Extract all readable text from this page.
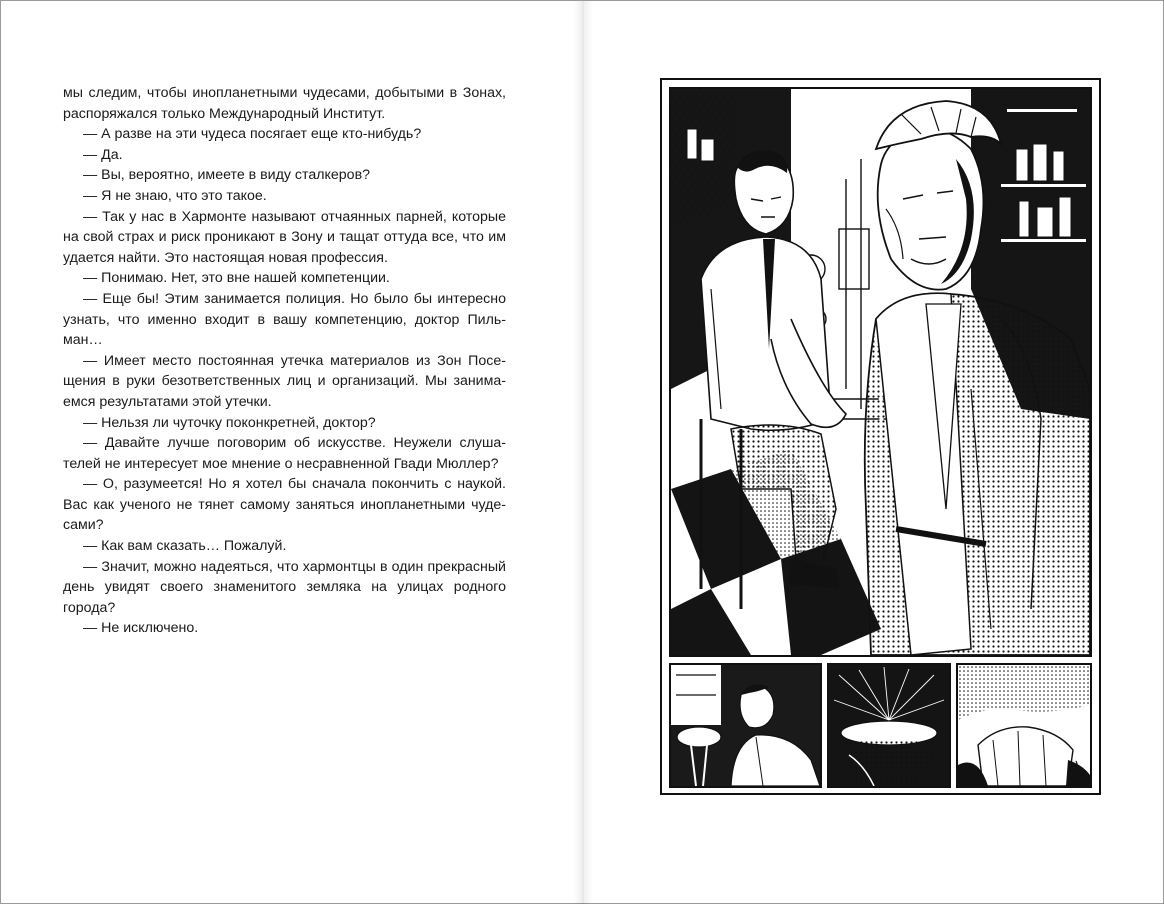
мы следим, чтобы инопланетными чудесами, добытыми в Зонах, распоряжался только Международный Институт.

— А разве на эти чудеса посягает еще кто-нибудь?

— Да.

— Вы, вероятно, имеете в виду сталкеров?

— Я не знаю, что это такое.

— Так у нас в Хармонте называют отчаянных парней, которые на свой страх и риск проникают в Зону и тащат оттуда все, что им удается найти. Это настоящая новая профессия.

— Понимаю. Нет, это вне нашей компетенции.

— Еще бы! Этим занимается полиция. Но было бы интересно узнать, что именно входит в вашу компетенцию, доктор Пильман…

— Имеет место постоянная утечка материалов из Зон Посещения в руки безответственных лиц и организаций. Мы занимаемся результатами этой утечки.

— Нельзя ли чуточку поконкретней, доктор?

— Давайте лучше поговорим об искусстве. Неужели слушателей не интересует мое мнение о несравненной Гвади Мюллер?

— О, разумеется! Но я хотел бы сначала покончить с наукой. Вас как ученого не тянет самому заняться инопланетными чудесами?

— Как вам сказать… Пожалуй.

— Значит, можно надеяться, что хармонтцы в один прекрасный день увидят своего знаменитого земляка на улицах родного города?

— Не исключено.
